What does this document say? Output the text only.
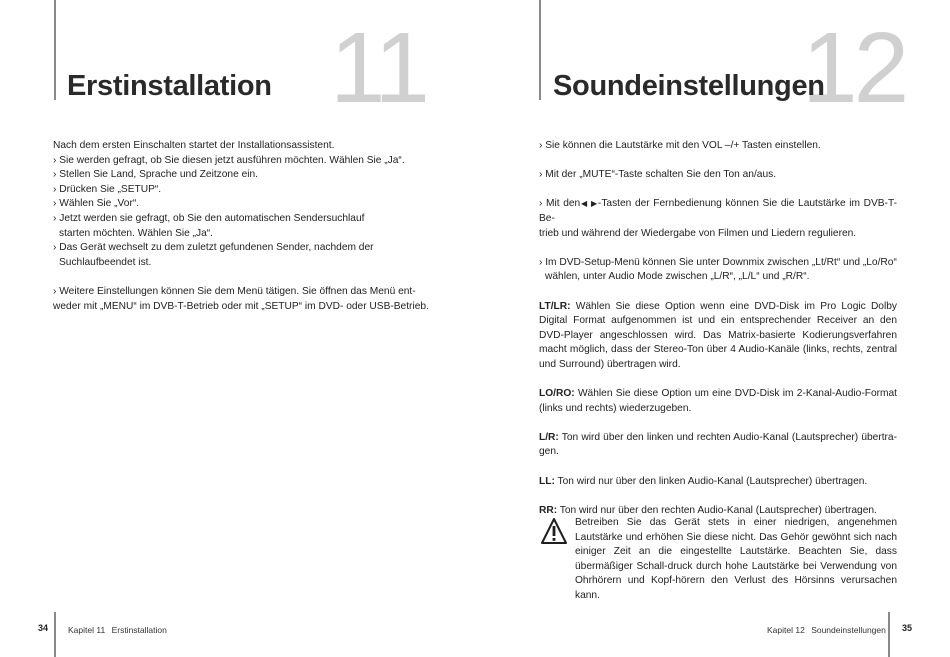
11
Erstinstallation

Nach dem ersten Einschalten startet der Installationsassistent.

› Sie werden gefragt, ob Sie diesen jetzt ausführen möchten. Wählen Sie „Ja“.

› Stellen Sie Land, Sprache und Zeitzone ein.

› Drücken Sie „SETUP“.

› Wählen Sie „Vor“.

› Jetzt werden sie gefragt, ob Sie den automatischen Sendersuchlauf

starten möchten. Wählen Sie „Ja“.

› Das Gerät wechselt zu dem zuletzt gefundenen Sender, nachdem der

Suchlaufbeendet ist.

› Weitere Einstellungen können Sie dem Menü tätigen. Sie öffnen das Menü ent-

weder mit „MENU“ im DVB-T-Betrieb oder mit „SETUP“ im DVD- oder USB-Betrieb.

34 Kapitel 11 Erstinstallation
12
Soundeinstellungen

› Sie können die Lautstärke mit den VOL –/+ Tasten einstellen.

› Mit der „MUTE“-Taste schalten Sie den Ton an/aus.

› Mit den◀ ▶-Tasten der Fernbedienung können Sie die Lautstärke im DVB-T-Be-

trieb und während der Wiedergabe von Filmen und Liedern regulieren.

› Im DVD-Setup-Menü können Sie unter Downmix zwischen „Lt/Rt“ und „Lo/Ro“

wählen, unter Audio Mode zwischen „L/R“, „L/L“ und „R/R“.

LT/LR: Wählen Sie diese Option wenn eine DVD-Disk im Pro Logic Dolby Digital Format aufgenommen ist und ein entsprechender Receiver an den DVD-Player angeschlossen wird. Das Matrix-basierte Kodierungsverfahren macht möglich, dass der Stereo-Ton über 4 Audio-Kanäle (links, rechts, zentral und Surround) übertragen wird.

LO/RO: Wählen Sie diese Option um eine DVD-Disk im 2-Kanal-Audio-Format (links und rechts) wiederzugeben.

L/R: Ton wird über den linken und rechten Audio-Kanal (Lautsprecher) übertra-gen.

LL: Ton wird nur über den linken Audio-Kanal (Lautsprecher) übertragen.

RR: Ton wird nur über den rechten Audio-Kanal (Lautsprecher) übertragen.

Betreiben Sie das Gerät stets in einer niedrigen, angenehmen Lautstärke und erhöhen Sie diese nicht. Das Gehör gewöhnt sich nach einiger Zeit an die eingestellte Lautstärke. Beachten Sie, dass übermäßiger Schall-druck durch hohe Lautstärke bei Verwendung von Ohrhörern und Kopf-hörern den Verlust des Hörsinns verursachen kann.
Kapitel 12 Soundeinstellungen 35
